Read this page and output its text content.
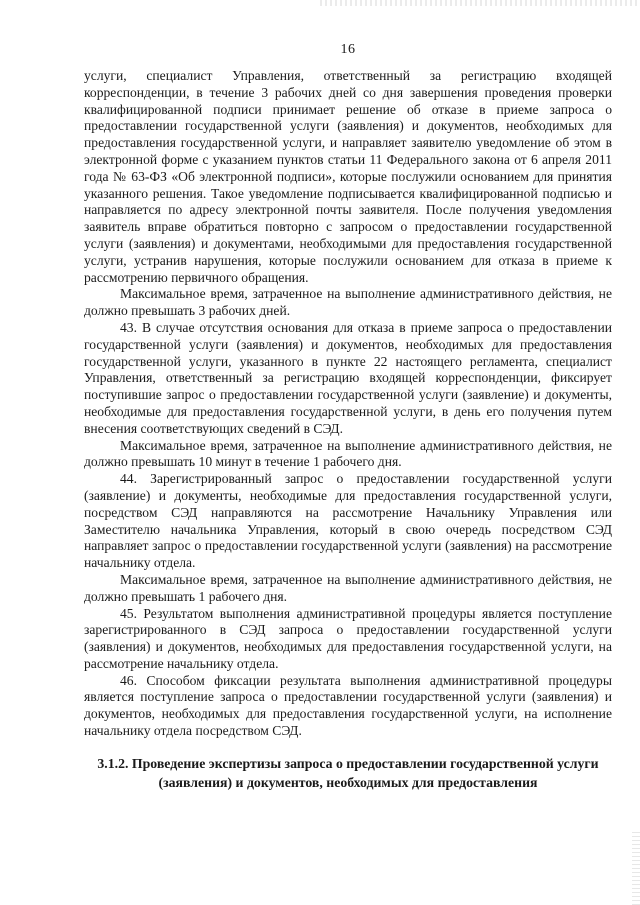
16

услуги, специалист Управления, ответственный за регистрацию входящей корреспонденции, в течение 3 рабочих дней со дня завершения проведения проверки квалифицированной подписи принимает решение об отказе в приеме запроса о предоставлении государственной услуги (заявления) и документов, необходимых для предоставления государственной услуги, и направляет заявителю уведомление об этом в электронной форме с указанием пунктов статьи 11 Федерального закона от 6 апреля 2011 года № 63-ФЗ «Об электронной подписи», которые послужили основанием для принятия указанного решения. Такое уведомление подписывается квалифицированной подписью и направляется по адресу электронной почты заявителя. После получения уведомления заявитель вправе обратиться повторно с запросом о предоставлении государственной услуги (заявления) и документами, необходимыми для предоставления государственной услуги, устранив нарушения, которые послужили основанием для отказа в приеме к рассмотрению первичного обращения.

Максимальное время, затраченное на выполнение административного действия, не должно превышать 3 рабочих дней.

43. В случае отсутствия основания для отказа в приеме запроса о предоставлении государственной услуги (заявления) и документов, необходимых для предоставления государственной услуги, указанного в пункте 22 настоящего регламента, специалист Управления, ответственный за регистрацию входящей корреспонденции, фиксирует поступившие запрос о предоставлении государственной услуги (заявление) и документы, необходимые для предоставления государственной услуги, в день его получения путем внесения соответствующих сведений в СЭД.

Максимальное время, затраченное на выполнение административного действия, не должно превышать 10 минут в течение 1 рабочего дня.

44. Зарегистрированный запрос о предоставлении государственной услуги (заявление) и документы, необходимые для предоставления государственной услуги, посредством СЭД направляются на рассмотрение Начальнику Управления или Заместителю начальника Управления, который в свою очередь посредством СЭД направляет запрос о предоставлении государственной услуги (заявления) на рассмотрение начальнику отдела.

Максимальное время, затраченное на выполнение административного действия, не должно превышать 1 рабочего дня.

45. Результатом выполнения административной процедуры является поступление зарегистрированного в СЭД запроса о предоставлении государственной услуги (заявления) и документов, необходимых для предоставления государственной услуги, на рассмотрение начальнику отдела.

46. Способом фиксации результата выполнения административной процедуры является поступление запроса о предоставлении государственной услуги (заявления) и документов, необходимых для предоставления государственной услуги, на исполнение начальнику отдела посредством СЭД.

3.1.2. Проведение экспертизы запроса о предоставлении государственной услуги (заявления) и документов, необходимых для предоставления
